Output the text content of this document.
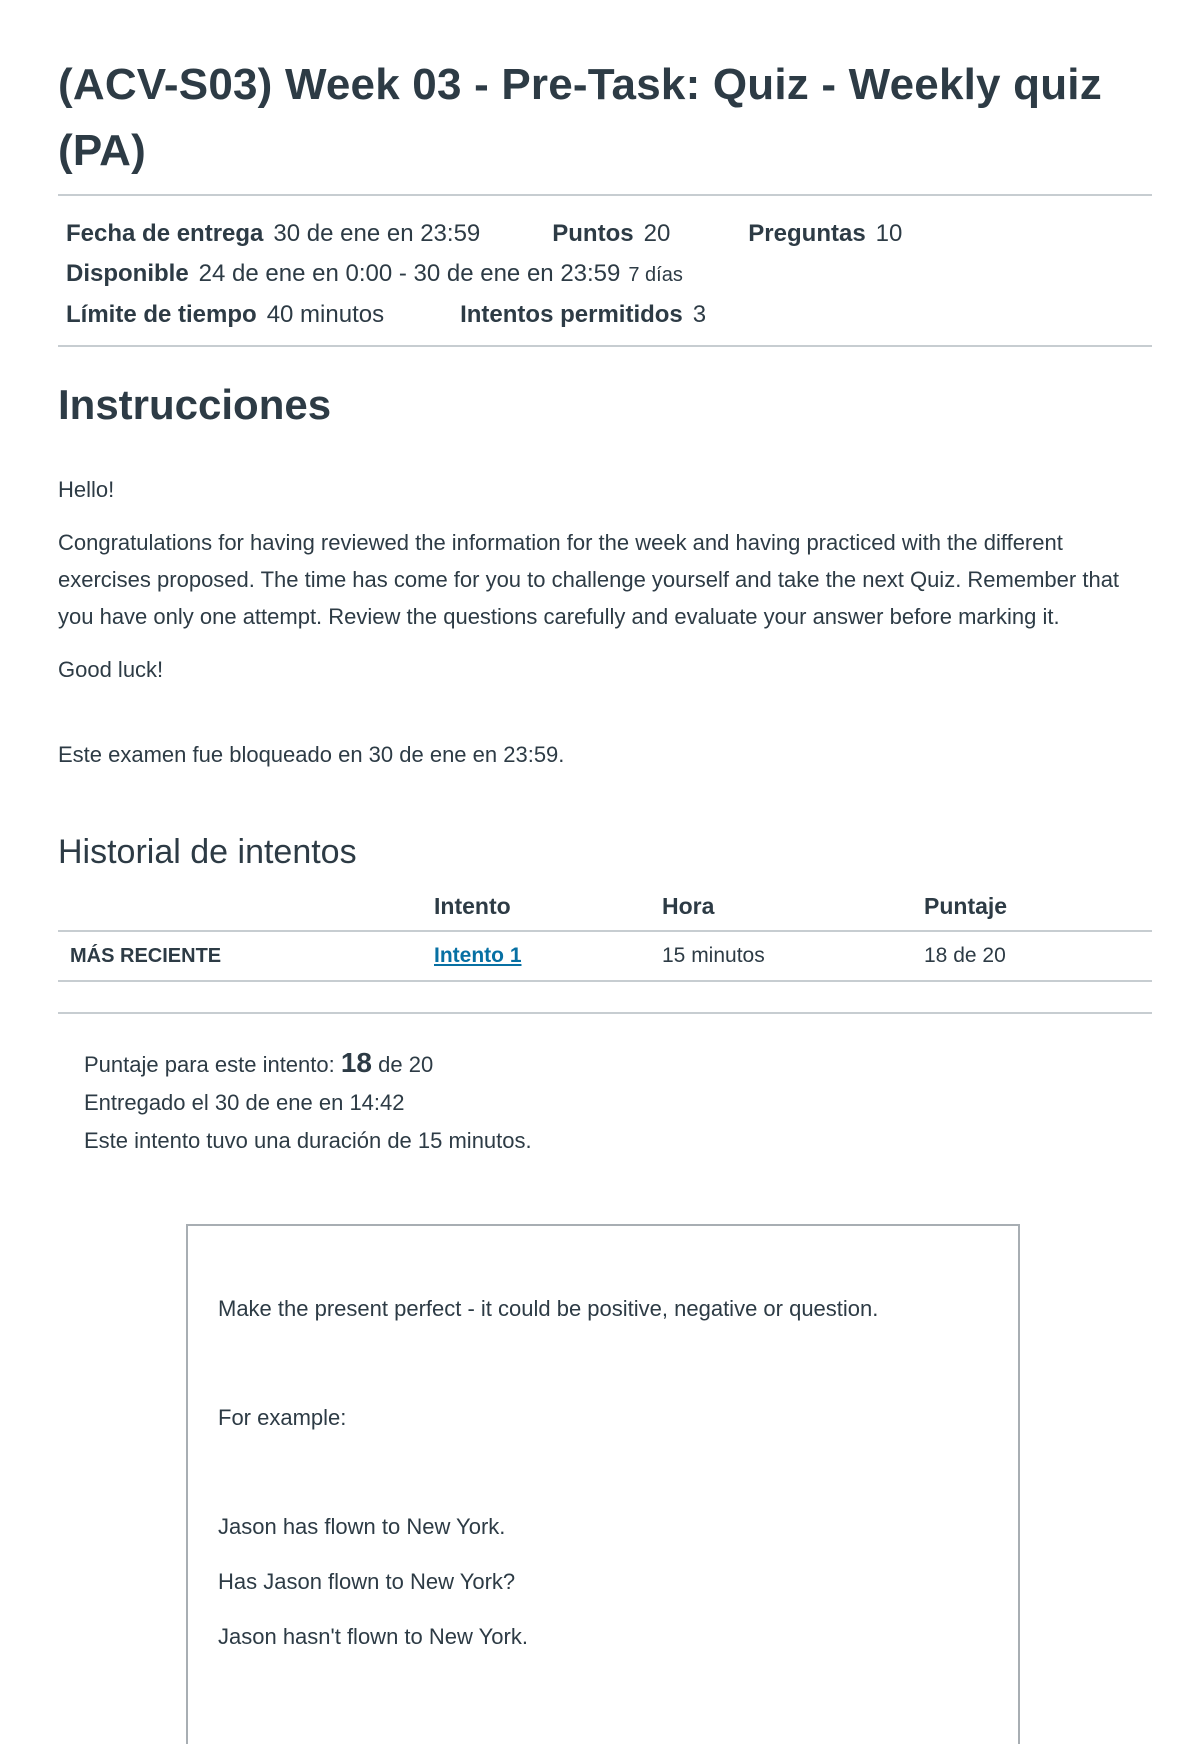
(ACV-S03) Week 03 - Pre-Task: Quiz - Weekly quiz (PA)
Fecha de entrega 30 de ene en 23:59	Puntos 20	Preguntas 10
Disponible 24 de ene en 0:00 - 30 de ene en 23:59 7 días
Límite de tiempo 40 minutos	Intentos permitidos 3
Instrucciones

Hello!

Congratulations for having reviewed the information for the week and having practiced with the different exercises proposed. The time has come for you to challenge yourself and take the next Quiz. Remember that you have only one attempt. Review the questions carefully and evaluate your answer before marking it.

Good luck!

Este examen fue bloqueado en 30 de ene en 23:59.

Historial de intentos
	Intento	Hora	Puntaje
MÁS RECIENTE	Intento 1	15 minutos	18 de 20
Puntaje para este intento: 18 de 20
Entregado el 30 de ene en 14:42
Este intento tuvo una duración de 15 minutos.

Make the present perfect - it could be positive, negative or question.

For example:

Jason has flown to New York.

Has Jason flown to New York?

Jason hasn't flown to New York.
